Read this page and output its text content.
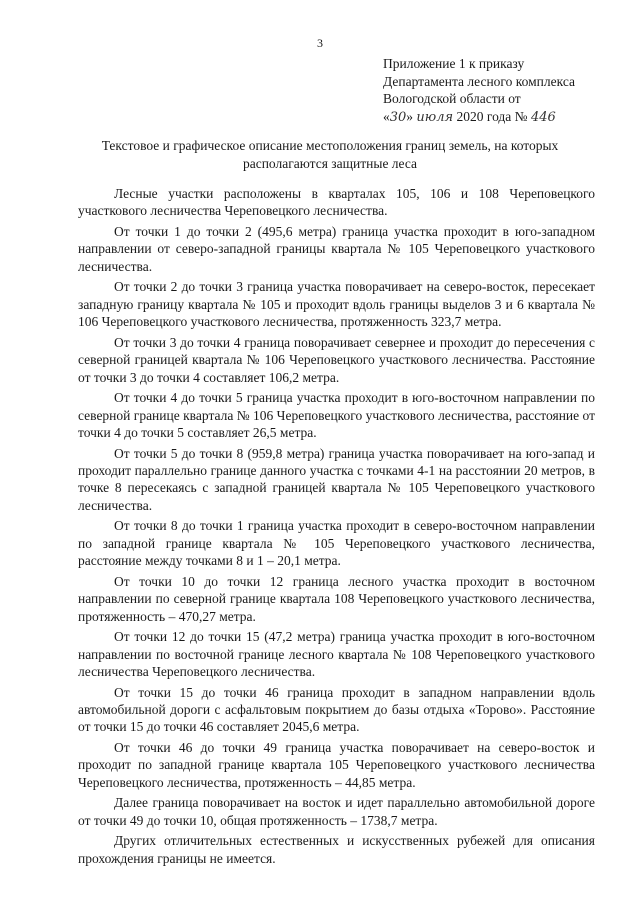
3
Приложение 1 к приказу
Департамента лесного комплекса
Вологодской области от
«30» июля 2020 года № 446
Текстовое и графическое описание местоположения границ земель, на которых располагаются защитные леса

Лесные участки расположены в кварталах 105, 106 и 108 Череповецкого участкового лесничества Череповецкого лесничества.

От точки 1 до точки 2 (495,6 метра) граница участка проходит в юго-западном направлении от северо-западной границы квартала № 105 Череповецкого участкового лесничества.

От точки 2 до точки 3 граница участка поворачивает на северо-восток, пересекает западную границу квартала № 105 и проходит вдоль границы выделов 3 и 6 квартала № 106 Череповецкого участкового лесничества, протяженность 323,7 метра.

От точки 3 до точки 4 граница поворачивает севернее и проходит до пересечения с северной границей квартала № 106 Череповецкого участкового лесничества. Расстояние от точки 3 до точки 4 составляет 106,2 метра.

От точки 4 до точки 5 граница участка проходит в юго-восточном направлении по северной границе квартала № 106 Череповецкого участкового лесничества, расстояние от точки 4 до точки 5 составляет 26,5 метра.

От точки 5 до точки 8 (959,8 метра) граница участка поворачивает на юго-запад и проходит параллельно границе данного участка с точками 4-1 на расстоянии 20 метров, в точке 8 пересекаясь с западной границей квартала № 105 Череповецкого участкового лесничества.

От точки 8 до точки 1 граница участка проходит в северо-восточном направлении по западной границе квартала № 105 Череповецкого участкового лесничества, расстояние между точками 8 и 1 – 20,1 метра.

От точки 10 до точки 12 граница лесного участка проходит в восточном направлении по северной границе квартала 108 Череповецкого участкового лесничества, протяженность – 470,27 метра.

От точки 12 до точки 15 (47,2 метра) граница участка проходит в юго-восточном направлении по восточной границе лесного квартала № 108 Череповецкого участкового лесничества Череповецкого лесничества.

От точки 15 до точки 46 граница проходит в западном направлении вдоль автомобильной дороги с асфальтовым покрытием до базы отдыха «Торово». Расстояние от точки 15 до точки 46 составляет 2045,6 метра.

От точки 46 до точки 49 граница участка поворачивает на северо-восток и проходит по западной границе квартала 105 Череповецкого участкового лесничества Череповецкого лесничества, протяженность – 44,85 метра.

Далее граница поворачивает на восток и идет параллельно автомобильной дороге от точки 49 до точки 10, общая протяженность – 1738,7 метра.

Других отличительных естественных и искусственных рубежей для описания прохождения границы не имеется.
